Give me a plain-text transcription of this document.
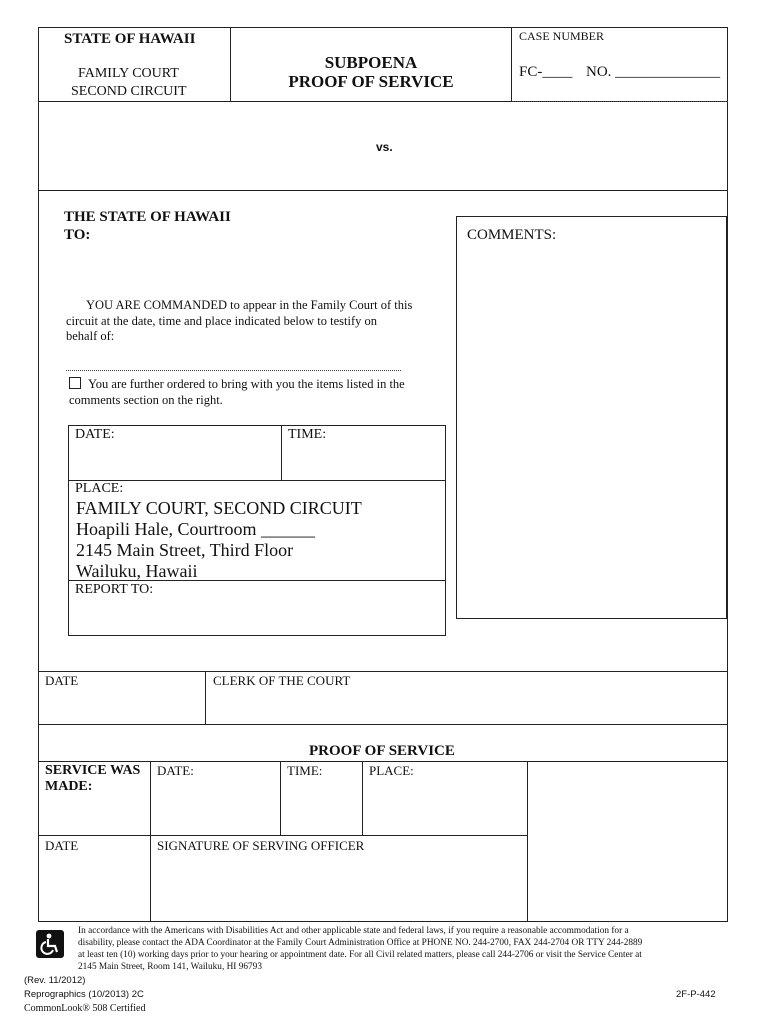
STATE OF HAWAII
FAMILY COURT
SECOND CIRCUIT
SUBPOENA
PROOF OF SERVICE
CASE NUMBER
FC-____ NO. ______________
vs.
THE STATE OF HAWAII
TO:
YOU ARE COMMANDED to appear in the Family Court of this
circuit at the date, time and place indicated below to testify on
behalf of:
You are further ordered to bring with you the items listed in the
comments section on the right.
DATE:	TIME:
PLACE:
FAMILY COURT, SECOND CIRCUIT
Hoapili Hale, Courtroom ______
2145 Main Street, Third Floor
Wailuku, Hawaii
REPORT TO:
COMMENTS:
DATE	CLERK OF THE COURT
PROOF OF SERVICE
SERVICE WAS
MADE:
DATE:	TIME:	PLACE:
DATE	SIGNATURE OF SERVING OFFICER
In accordance with the Americans with Disabilities Act and other applicable state and federal laws, if you require a reasonable accommodation for a
disability, please contact the ADA Coordinator at the Family Court Administration Office at PHONE NO. 244-2700, FAX 244-2704 OR TTY 244-2889
at least ten (10) working days prior to your hearing or appointment date. For all Civil related matters, please call 244-2706 or visit the Service Center at
2145 Main Street, Room 141, Wailuku, HI 96793
(Rev. 11/2012)
Reprographics (10/2013) 2C	2F-P-442
CommonLook® 508 Certified
